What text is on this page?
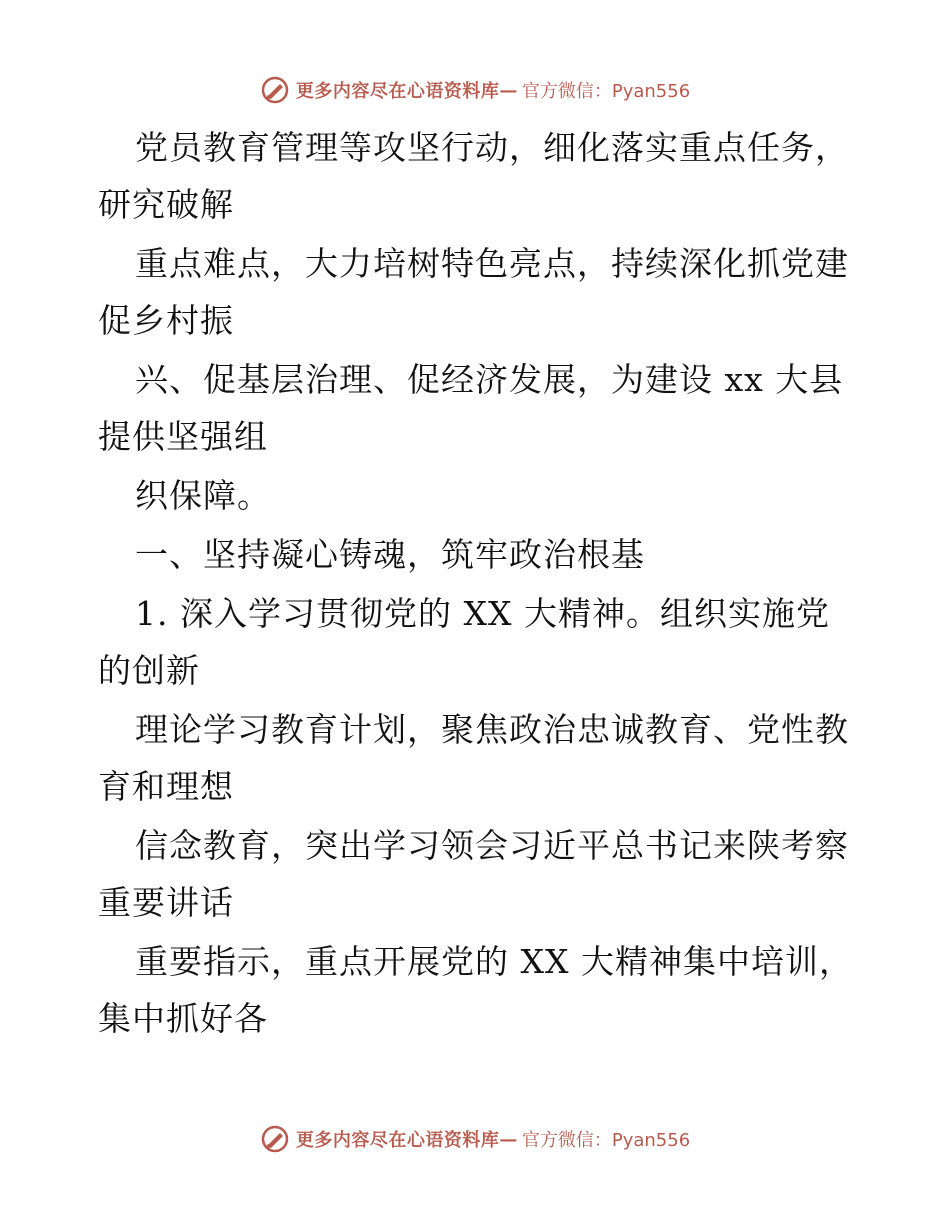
更多内容尽在心语资料库 — 官方微信：Pyan556
党员教育管理等攻坚行动，细化落实重点任务，
研究破解
重点难点，大力培树特色亮点，持续深化抓党建
促乡村振
兴、促基层治理、促经济发展，为建设 xx 大县
提供坚强组
织保障。
一、坚持凝心铸魂，筑牢政治根基
1. 深入学习贯彻党的 XX 大精神。组织实施党
的创新
理论学习教育计划，聚焦政治忠诚教育、党性教
育和理想
信念教育，突出学习领会习近平总书记来陕考察
重要讲话
重要指示，重点开展党的 XX 大精神集中培训，
集中抓好各
更多内容尽在心语资料库 — 官方微信：Pyan556
